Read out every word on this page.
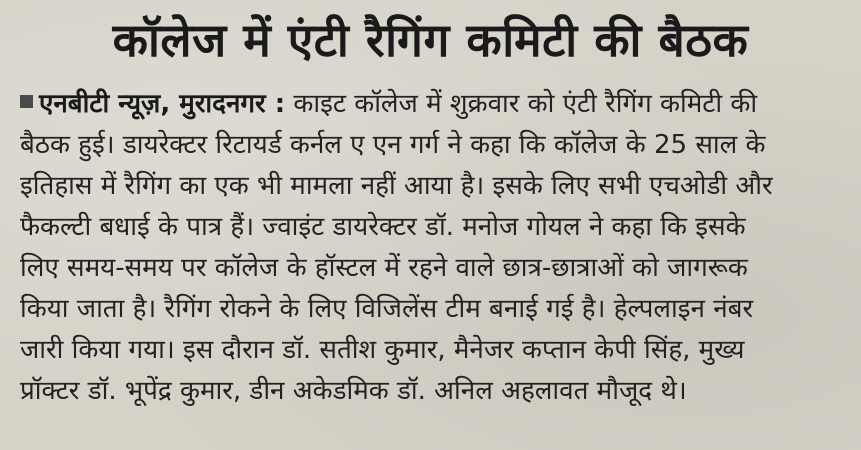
कॉलेज में एंटी रैगिंग कमिटी की बैठक
एनबीटी न्यूज़, मुरादनगर : काइट कॉलेज में शुक्रवार को एंटी रैगिंग कमिटी की
बैठक हुई। डायरेक्टर रिटायर्ड कर्नल ए एन गर्ग ने कहा कि कॉलेज के 25 साल के
इतिहास में रैगिंग का एक भी मामला नहीं आया है। इसके लिए सभी एचओडी और
फैकल्टी बधाई के पात्र हैं। ज्वाइंट डायरेक्टर डॉ. मनोज गोयल ने कहा कि इसके
लिए समय-समय पर कॉलेज के हॉस्टल में रहने वाले छात्र-छात्राओं को जागरूक
किया जाता है। रैगिंग रोकने के लिए विजिलेंस टीम बनाई गई है। हेल्पलाइन नंबर
जारी किया गया। इस दौरान डॉ. सतीश कुमार, मैनेजर कप्तान केपी सिंह, मुख्य
प्रॉक्टर डॉ. भूपेंद्र कुमार, डीन अकेडमिक डॉ. अनिल अहलावत मौजूद थे।
